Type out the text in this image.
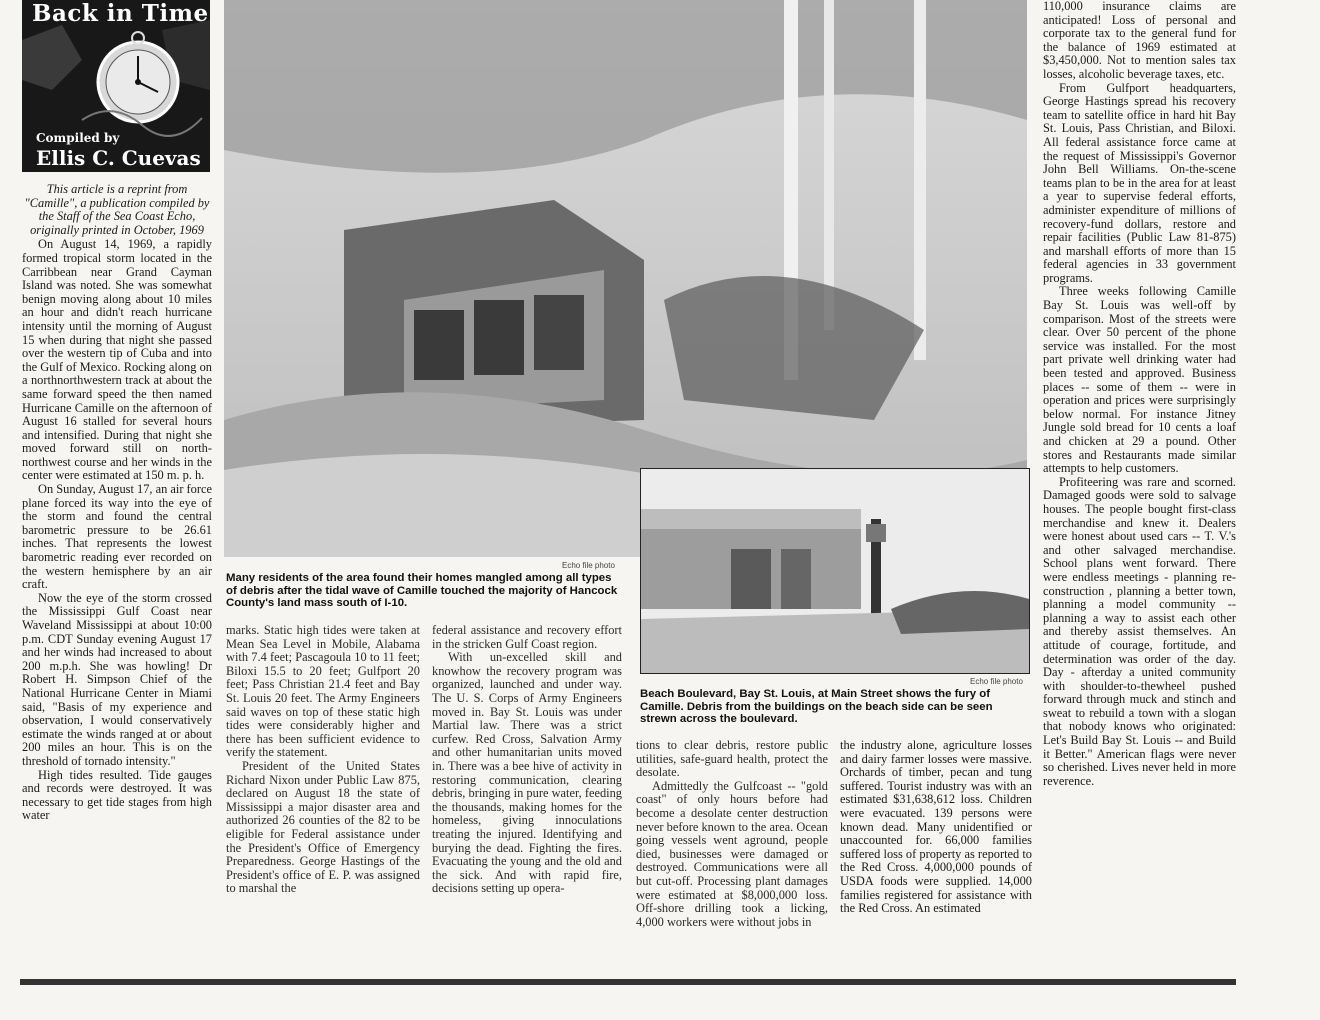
Back in Time
Compiled by
Ellis C. Cuevas

This article is a reprint from "Camille", a publication compiled by the Staff of the Sea Coast Echo, originally printed in October, 1969

On August 14, 1969, a rapidly formed tropical storm located in the Carribbean near Grand Cayman Island was noted. She was somewhat benign moving along about 10 miles an hour and didn't reach hurricane intensity until the morning of August 15 when during that night she passed over the western tip of Cuba and into the Gulf of Mexico. Rocking along on a northnorthwestern track at about the same forward speed the then named Hurricane Camille on the afternoon of August 16 stalled for several hours and intensified. During that night she moved forward still on north-northwest course and her winds in the center were estimated at 150 m. p. h.

On Sunday, August 17, an air force plane forced its way into the eye of the storm and found the central barometric pressure to be 26.61 inches. That represents the lowest barometric reading ever recorded on the western hemisphere by an air craft.

Now the eye of the storm crossed the Mississippi Gulf Coast near Waveland Mississippi at about 10:00 p.m. CDT Sunday evening August 17 and her winds had increased to about 200 m.p.h. She was howling! Dr Robert H. Simpson Chief of the National Hurricane Center in Miami said, "Basis of my experience and observation, I would conservatively estimate the winds ranged at or about 200 miles an hour. This is on the threshold of tornado intensity."

High tides resulted. Tide gauges and records were destroyed. It was necessary to get tide stages from high water

Echo file photo
Many residents of the area found their homes mangled among all types of debris after the tidal wave of Camille touched the majority of Hancock County's land mass south of I-10.
Echo file photo
Beach Boulevard, Bay St. Louis, at Main Street shows the fury of Camille. Debris from the buildings on the beach side can be seen strewn across the boulevard.

marks. Static high tides were taken at Mean Sea Level in Mobile, Alabama with 7.4 feet; Pascagoula 10 to 11 feet; Biloxi 15.5 to 20 feet; Gulfport 20 feet; Pass Christian 21.4 feet and Bay St. Louis 20 feet. The Army Engineers said waves on top of these static high tides were considerably higher and there has been sufficient evidence to verify the statement.

President of the United States Richard Nixon under Public Law 875, declared on August 18 the state of Mississippi a major disaster area and authorized 26 counties of the 82 to be eligible for Federal assistance under the President's Office of Emergency Preparedness. George Hastings of the President's office of E. P. was assigned to marshal the

federal assistance and recovery effort in the stricken Gulf Coast region.

With un-excelled skill and knowhow the recovery program was organized, launched and under way. The U. S. Corps of Army Engineers moved in. Bay St. Louis was under Martial law. There was a strict curfew. Red Cross, Salvation Army and other humanitarian units moved in. There was a bee hive of activity in restoring communication, clearing debris, bringing in pure water, feeding the thousands, making homes for the homeless, giving innoculations treating the injured. Identifying and burying the dead. Fighting the fires. Evacuating the young and the old and the sick. And with rapid fire, decisions setting up opera-

tions to clear debris, restore public utilities, safe-guard health, protect the desolate.

Admittedly the Gulfcoast -- "gold coast" of only hours before had become a desolate center destruction never before known to the area. Ocean going vessels went aground, people died, businesses were damaged or destroyed. Communications were all but cut-off. Processing plant damages were estimated at $8,000,000 loss. Off-shore drilling took a licking, 4,000 workers were without jobs in

the industry alone, agriculture losses and dairy farmer losses were massive. Orchards of timber, pecan and tung suffered. Tourist industry was with an estimated $31,638,612 loss. Children were evacuated. 139 persons were known dead. Many unidentified or unaccounted for. 66,000 families suffered loss of property as reported to the Red Cross. 4,000,000 pounds of USDA foods were supplied. 14,000 families registered for assistance with the Red Cross. An estimated

110,000 insurance claims are anticipated! Loss of personal and corporate tax to the general fund for the balance of 1969 estimated at $3,450,000. Not to mention sales tax losses, alcoholic beverage taxes, etc.

From Gulfport headquarters, George Hastings spread his recovery team to satellite office in hard hit Bay St. Louis, Pass Christian, and Biloxi. All federal assistance force came at the request of Mississippi's Governor John Bell Williams. On-the-scene teams plan to be in the area for at least a year to supervise federal efforts, administer expenditure of millions of recovery-fund dollars, restore and repair facilities (Public Law 81-875) and marshall efforts of more than 15 federal agencies in 33 government programs.

Three weeks following Camille Bay St. Louis was well-off by comparison. Most of the streets were clear. Over 50 percent of the phone service was installed. For the most part private well drinking water had been tested and approved. Business places -- some of them -- were in operation and prices were surprisingly below normal. For instance Jitney Jungle sold bread for 10 cents a loaf and chicken at 29 a pound. Other stores and Restaurants made similar attempts to help customers.

Profiteering was rare and scorned. Damaged goods were sold to salvage houses. The people bought first-class merchandise and knew it. Dealers were honest about used cars -- T. V.'s and other salvaged merchandise. School plans went forward. There were endless meetings - planning re-construction , planning a better town, planning a model community -- planning a way to assist each other and thereby assist themselves. An attitude of courage, fortitude, and determination was order of the day. Day - afterday a united community with shoulder-to-thewheel pushed forward through muck and stinch and sweat to rebuild a town with a slogan that nobody knows who originated: Let's Build Bay St. Louis -- and Build it Better." American flags were never so cherished. Lives never held in more reverence.
